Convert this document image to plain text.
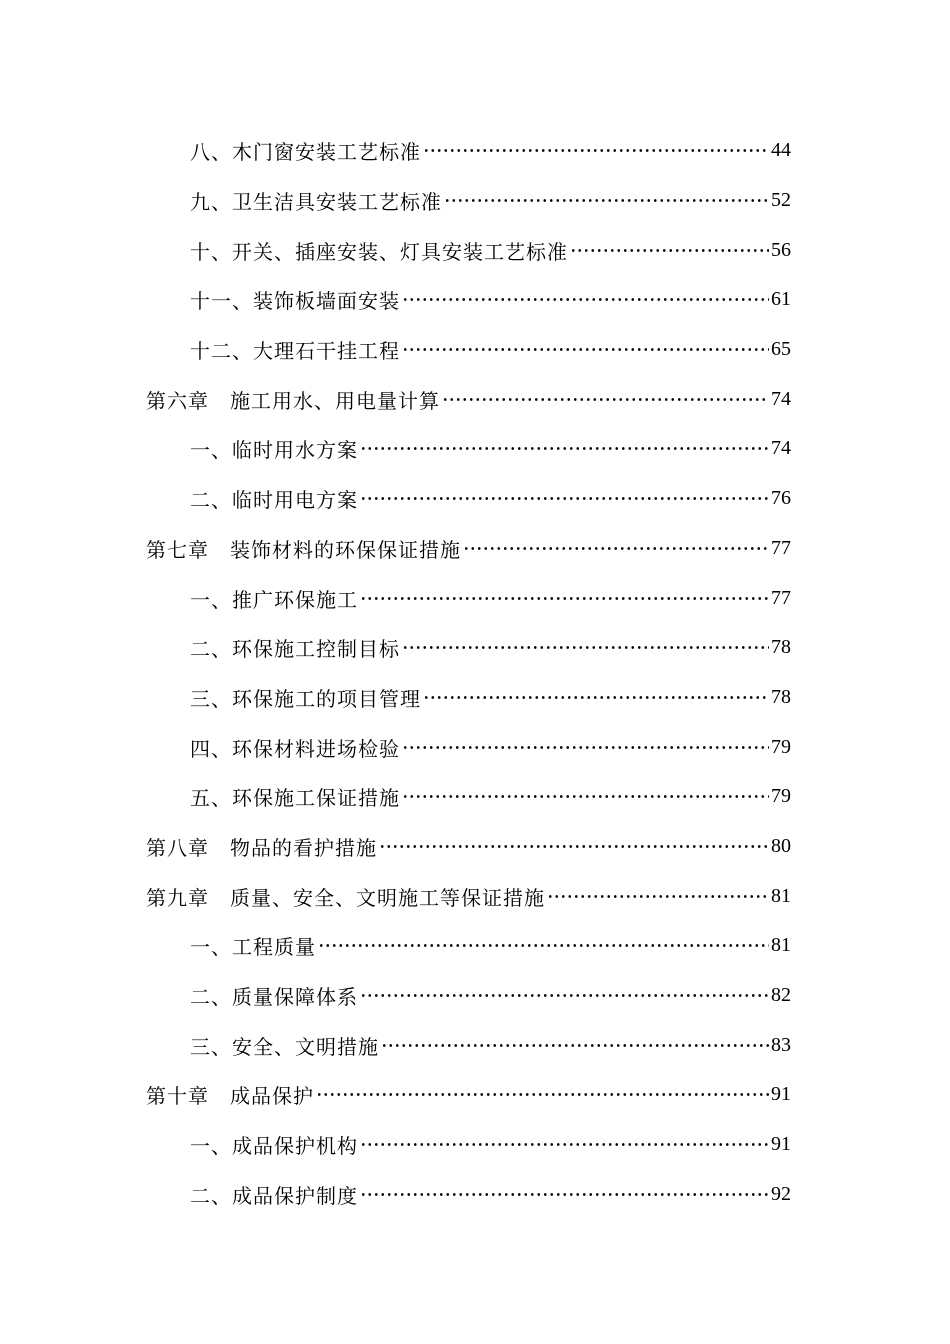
八、木门窗安装工艺标准	44
九、卫生洁具安装工艺标准	52
十、开关、插座安装、灯具安装工艺标准	56
十一、装饰板墙面安装	61
十二、大理石干挂工程	65
第六章　施工用水、用电量计算	74
一、临时用水方案	74
二、临时用电方案	76
第七章　装饰材料的环保保证措施	77
一、推广环保施工	77
二、环保施工控制目标	78
三、环保施工的项目管理	78
四、环保材料进场检验	79
五、环保施工保证措施	79
第八章　物品的看护措施	80
第九章　质量、安全、文明施工等保证措施	81
一、工程质量	81
二、质量保障体系	82
三、安全、文明措施	83
第十章　成品保护	91
一、成品保护机构	91
二、成品保护制度	92
